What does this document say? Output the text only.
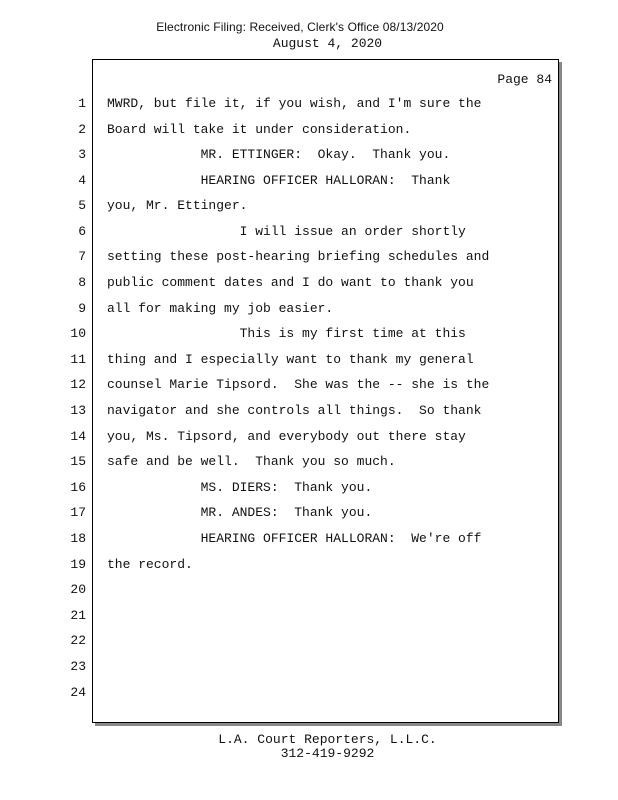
Electronic Filing: Received, Clerk's Office 08/13/2020
August 4, 2020
Page 84
1 MWRD, but file it, if you wish, and I'm sure the
2 Board will take it under consideration.
3 MR. ETTINGER:  Okay.  Thank you.
4 HEARING OFFICER HALLORAN:  Thank
5 you, Mr. Ettinger.
6 I will issue an order shortly
7 setting these post-hearing briefing schedules and
8 public comment dates and I do want to thank you
9 all for making my job easier.
10 This is my first time at this
11 thing and I especially want to thank my general
12 counsel Marie Tipsord.  She was the -- she is the
13 navigator and she controls all things.  So thank
14 you, Ms. Tipsord, and everybody out there stay
15 safe and be well.  Thank you so much.
16 MS. DIERS:  Thank you.
17 MR. ANDES:  Thank you.
18 HEARING OFFICER HALLORAN:  We're off
19 the record.
20
21
22
23
24
L.A. Court Reporters, L.L.C.
312-419-9292
